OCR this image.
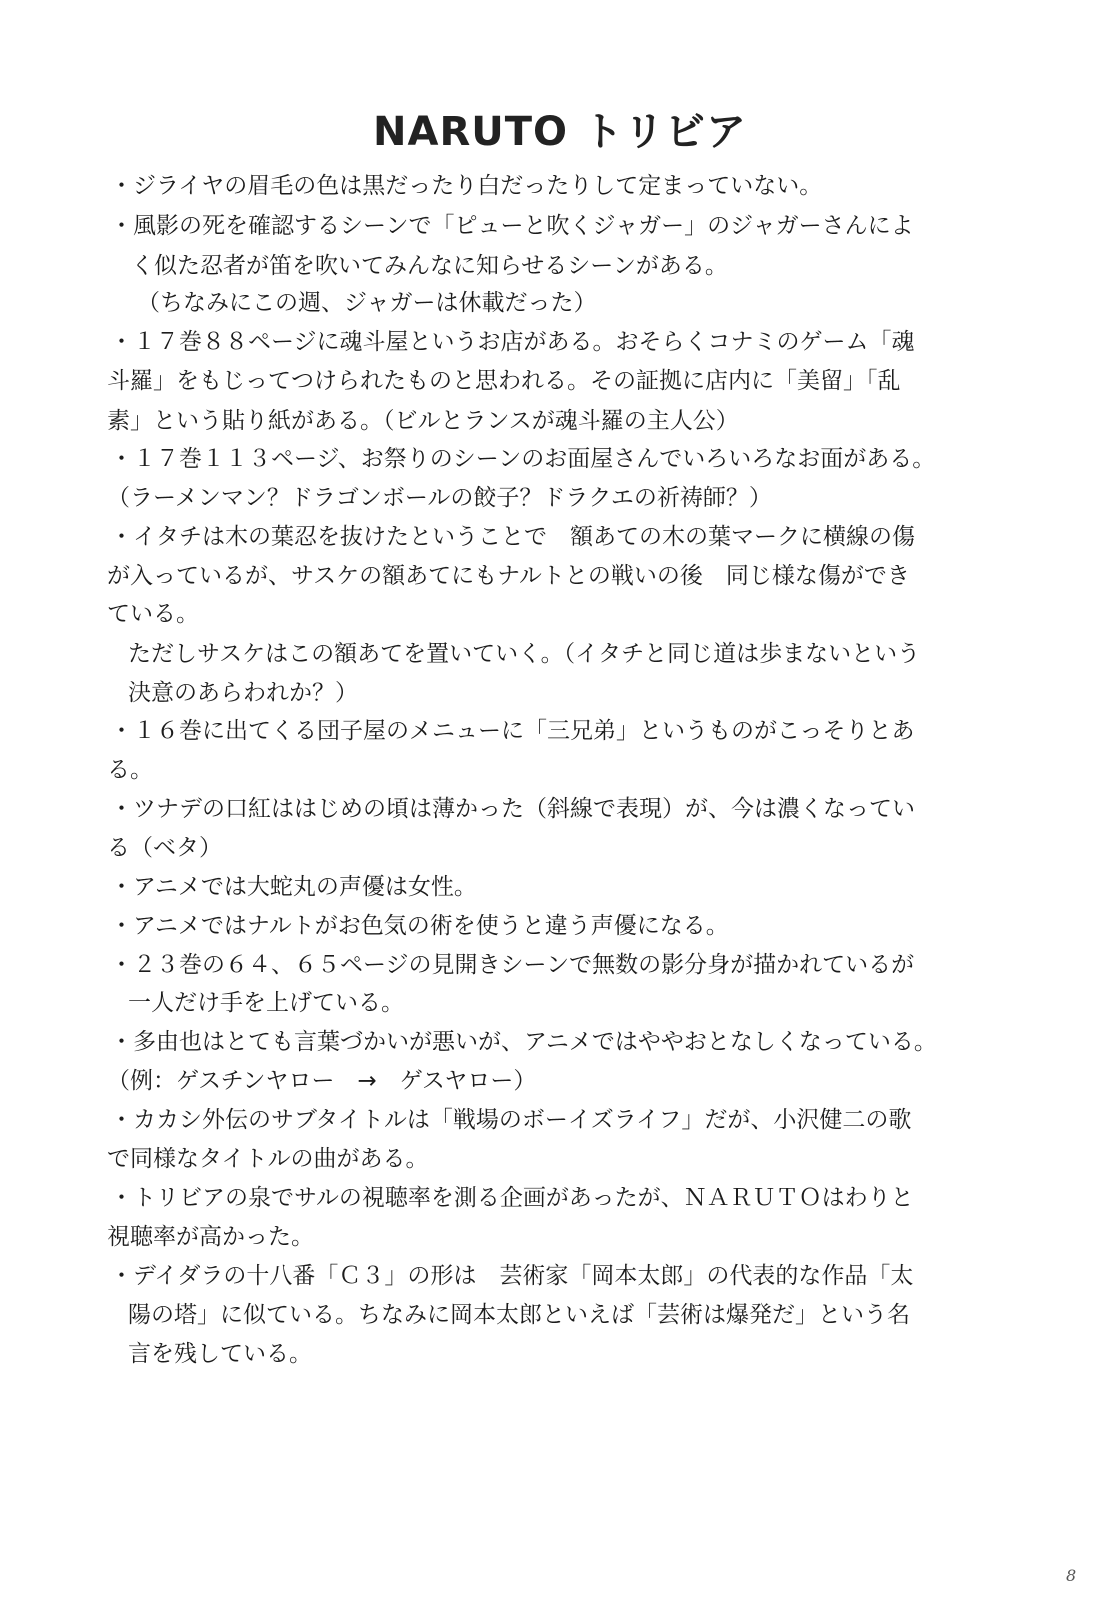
NARUTO トリビア
・ジライヤの眉毛の色は黒だったり白だったりして定まっていない。
・風影の死を確認するシーンで「ピューと吹くジャガー」のジャガーさんによ
く似た忍者が笛を吹いてみんなに知らせるシーンがある。
（ちなみにこの週、ジャガーは休載だった）
・１７巻８８ページに魂斗屋というお店がある。おそらくコナミのゲーム「魂
斗羅」をもじってつけられたものと思われる。その証拠に店内に「美留」「乱
素」という貼り紙がある。（ビルとランスが魂斗羅の主人公）
・１７巻１１３ページ、お祭りのシーンのお面屋さんでいろいろなお面がある。
（ラーメンマン？ドラゴンボールの餃子？ドラクエの祈祷師？）
・イタチは木の葉忍を抜けたということで　額あての木の葉マークに横線の傷
が入っているが、サスケの額あてにもナルトとの戦いの後　同じ様な傷ができ
ている。
ただしサスケはこの額あてを置いていく。（イタチと同じ道は歩まないという
決意のあらわれか？）
・１６巻に出てくる団子屋のメニューに「三兄弟」というものがこっそりとあ
る。
・ツナデの口紅ははじめの頃は薄かった（斜線で表現）が、今は濃くなってい
る（ベタ）
・アニメでは大蛇丸の声優は女性。
・アニメではナルトがお色気の術を使うと違う声優になる。
・２３巻の６４、６５ページの見開きシーンで無数の影分身が描かれているが
一人だけ手を上げている。
・多由也はとても言葉づかいが悪いが、アニメではややおとなしくなっている。
（例：ゲスチンヤロー　→　ゲスヤロー）
・カカシ外伝のサブタイトルは「戦場のボーイズライフ」だが、小沢健二の歌
で同様なタイトルの曲がある。
・トリビアの泉でサルの視聴率を測る企画があったが、ＮＡＲＵＴＯはわりと
視聴率が高かった。
・デイダラの十八番「Ｃ３」の形は　芸術家「岡本太郎」の代表的な作品「太
陽の塔」に似ている。ちなみに岡本太郎といえば「芸術は爆発だ」という名
言を残している。
8
